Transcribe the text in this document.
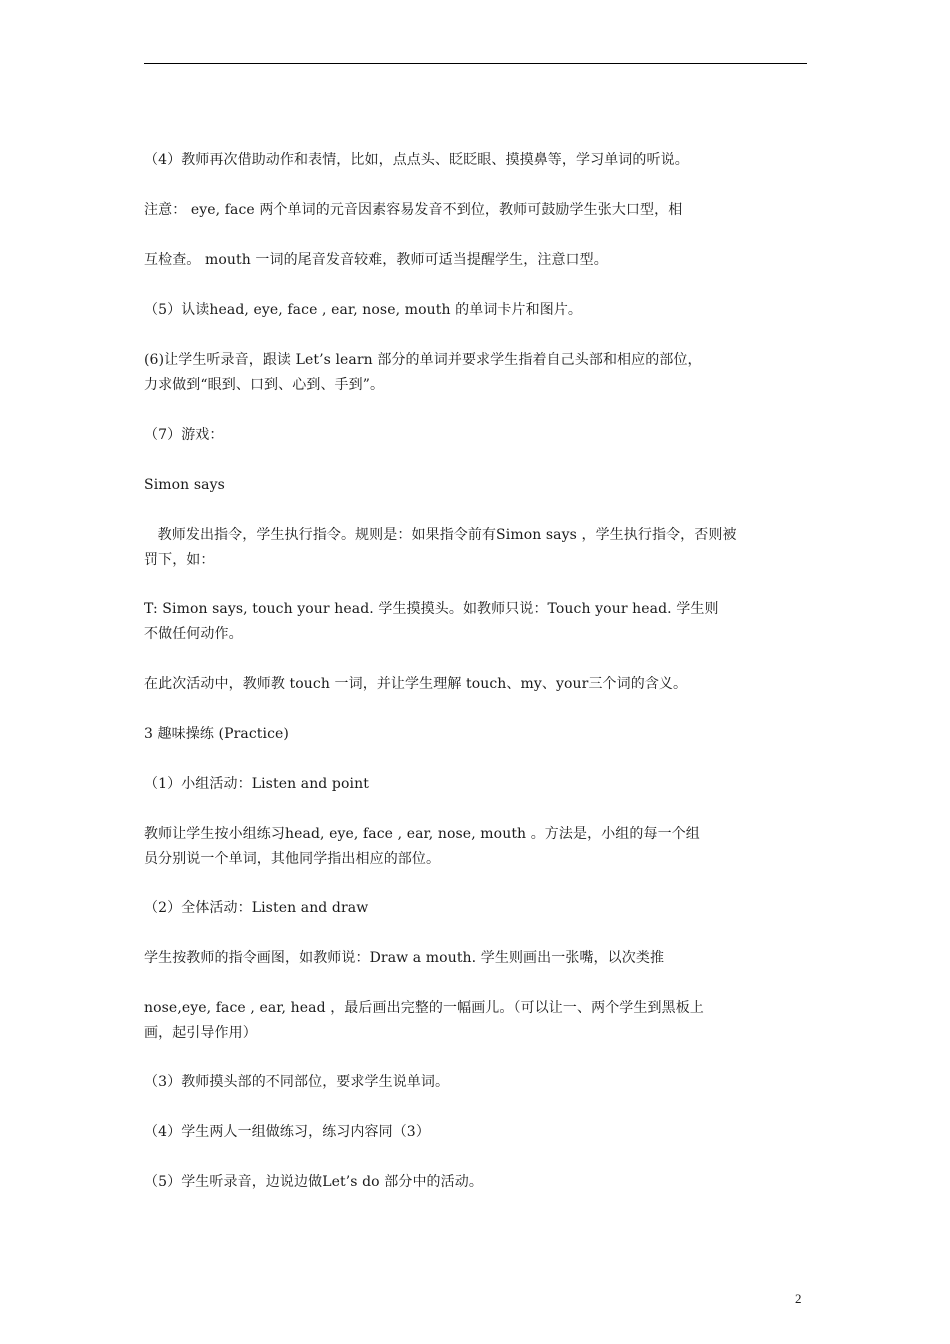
（4）教师再次借助动作和表情，比如，点点头、眨眨眼、摸摸鼻等，学习单词的听说。
注意： eye, face 两个单词的元音因素容易发音不到位，教师可鼓励学生张大口型，相
互检查。 mouth 一词的尾音发音较难，教师可适当提醒学生，注意口型。
（5）认读head, eye, face , ear, nose, mouth 的单词卡片和图片。
(6)让学生听录音，跟读 Let’s learn 部分的单词并要求学生指着自己头部和相应的部位，
力求做到“眼到、口到、心到、手到”。
（7）游戏：
Simon says
教师发出指令，学生执行指令。规则是：如果指令前有Simon says ，学生执行指令，否则被
罚下，如：
T: Simon says, touch your head. 学生摸摸头。如教师只说：Touch your head. 学生则
不做任何动作。
在此次活动中，教师教 touch 一词，并让学生理解 touch、my、your三个词的含义。
3 趣味操练 (Practice)
（1）小组活动：Listen and point
教师让学生按小组练习head, eye, face , ear, nose, mouth 。方法是，小组的每一个组
员分别说一个单词，其他同学指出相应的部位。
（2）全体活动：Listen and draw
学生按教师的指令画图，如教师说：Draw a mouth. 学生则画出一张嘴，以次类推
nose,eye, face , ear, head ，最后画出完整的一幅画儿。（可以让一、两个学生到黑板上
画，起引导作用）
（3）教师摸头部的不同部位，要求学生说单词。
（4）学生两人一组做练习，练习内容同（3）
（5）学生听录音，边说边做Let’s do 部分中的活动。
2
